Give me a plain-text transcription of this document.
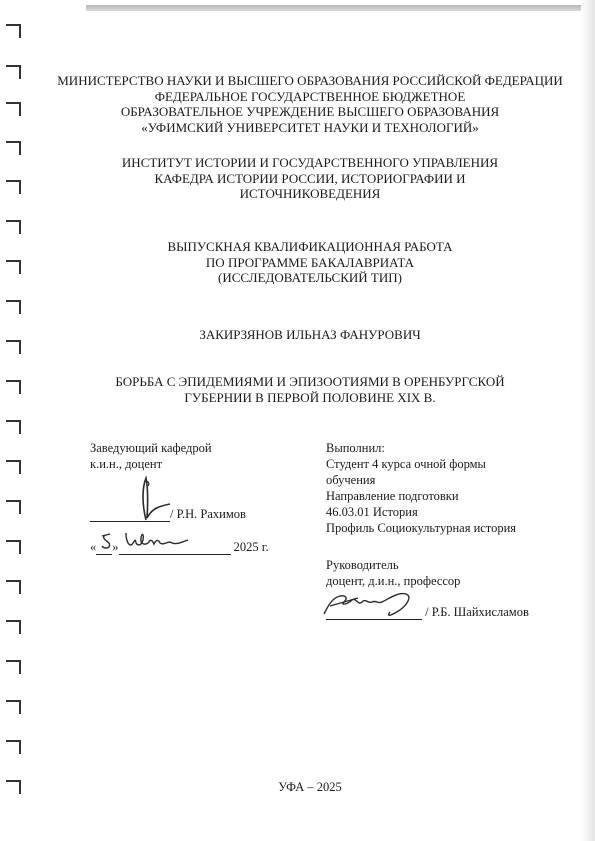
МИНИСТЕРСТВО НАУКИ И ВЫСШЕГО ОБРАЗОВАНИЯ РОССИЙСКОЙ ФЕДЕРАЦИИ
ФЕДЕРАЛЬНОЕ ГОСУДАРСТВЕННОЕ БЮДЖЕТНОЕ
ОБРАЗОВАТЕЛЬНОЕ УЧРЕЖДЕНИЕ ВЫСШЕГО ОБРАЗОВАНИЯ
«УФИМСКИЙ УНИВЕРСИТЕТ НАУКИ И ТЕХНОЛОГИЙ»
ИНСТИТУТ ИСТОРИИ И ГОСУДАРСТВЕННОГО УПРАВЛЕНИЯ
КАФЕДРА ИСТОРИИ РОССИИ, ИСТОРИОГРАФИИ И
ИСТОЧНИКОВЕДЕНИЯ
ВЫПУСКНАЯ КВАЛИФИКАЦИОННАЯ РАБОТА
ПО ПРОГРАММЕ БАКАЛАВРИАТА
(ИССЛЕДОВАТЕЛЬСКИЙ ТИП)
ЗАКИРЗЯНОВ ИЛЬНАЗ ФАНУРОВИЧ
БОРЬБА С ЭПИДЕМИЯМИ И ЭПИЗООТИЯМИ В ОРЕНБУРГСКОЙ
ГУБЕРНИИ В ПЕРВОЙ ПОЛОВИНЕ XIX В.
Заведующий кафедрой
к.и.н., доцент
/ Р.Н. Рахимов
« »	2025 г.
Выполнил:
Студент 4 курса очной формы
обучения
Направление подготовки
46.03.01 История
Профиль Социокультурная история
Руководитель
доцент, д.и.н., профессор
/ Р.Б. Шайхисламов
УФА – 2025
